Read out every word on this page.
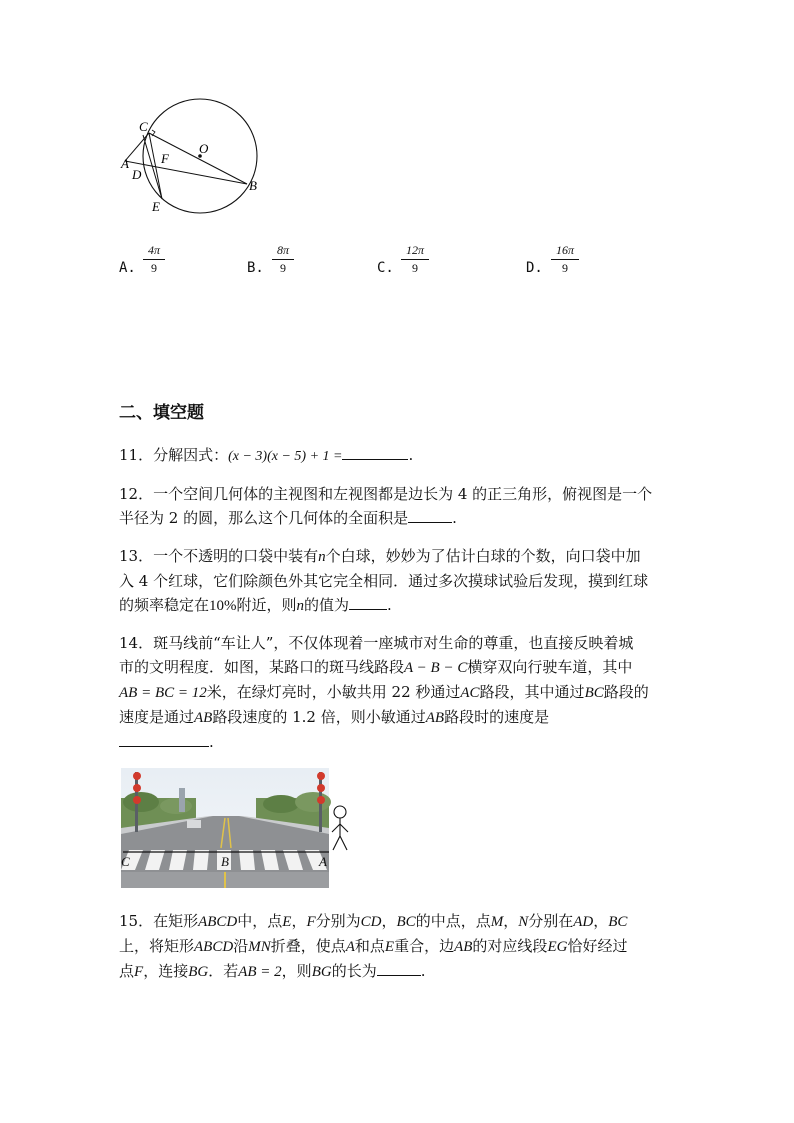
C
O
A F
D
B
E
A.
4π
9	B.
8π
9	C.
12π
9	D.
16π
9
二、填空题
11．分解因式：(x − 3)(x − 5) + 1 =	.
12．一个空间几何体的主视图和左视图都是边长为 4 的正三角形，俯视图是一个
半径为 2 的圆，那么这个几何体的全面积是	.
13．一个不透明的口袋中装有n个白球，妙妙为了估计白球的个数，向口袋中加
入 4 个红球，它们除颜色外其它完全相同．通过多次摸球试验后发现，摸到红球
的频率稳定在10%附近，则n的值为	.
14．斑马线前“车让人”，不仅体现着一座城市对生命的尊重，也直接反映着城
市的文明程度．如图，某路口的斑马线路段A − B − C横穿双向行驶车道，其中
AB = BC = 12米，在绿灯亮时，小敏共用 22 秒通过AC路段，其中通过BC路段的
速度是通过AB路段速度的 1.2 倍，则小敏通过AB路段时的速度是
.
C	B	A
15．在矩形ABCD中，点E，F分别为CD，BC的中点，点M，N分别在AD，BC
上，将矩形ABCD沿MN折叠，使点A和点E重合，边AB的对应线段EG恰好经过
点F，连接BG．若AB = 2，则BG的长为	.
